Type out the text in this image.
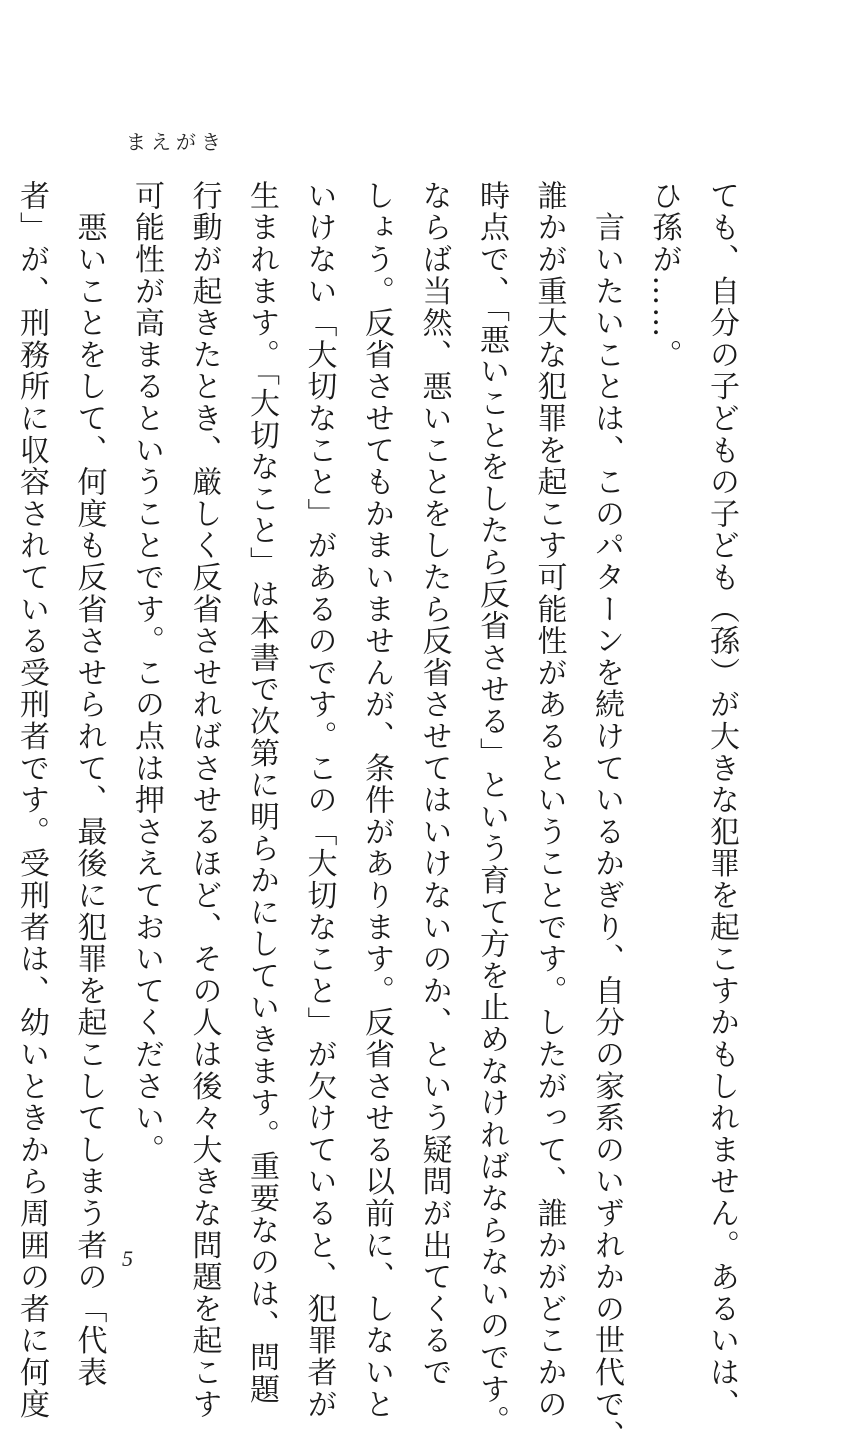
まえがき

ても、自分の子どもの子ども（孫）が大きな犯罪を起こすかもしれません。あるいは、

ひ孫が……。

　言いたいことは、このパターンを続けているかぎり、自分の家系のいずれかの世代で、

誰かが重大な犯罪を起こす可能性があるということです。したがって、誰かがどこかの

時点で、「悪いことをしたら反省させる」という育て方を止めなければならないのです。

ならば当然、悪いことをしたら反省させてはいけないのか、という疑問が出てくるで

しょう。反省させてもかまいませんが、条件があります。反省させる以前に、しないと

いけない「大切なこと」があるのです。この「大切なこと」が欠けていると、犯罪者が

生まれます。「大切なこと」は本書で次第に明らかにしていきます。重要なのは、問題

行動が起きたとき、厳しく反省させればさせるほど、その人は後々大きな問題を起こす

可能性が高まるということです。この点は押さえておいてください。

　悪いことをして、何度も反省させられて、最後に犯罪を起こしてしまう者の「代表

者」が、刑務所に収容されている受刑者です。受刑者は、幼いときから周囲の者に何度	5
